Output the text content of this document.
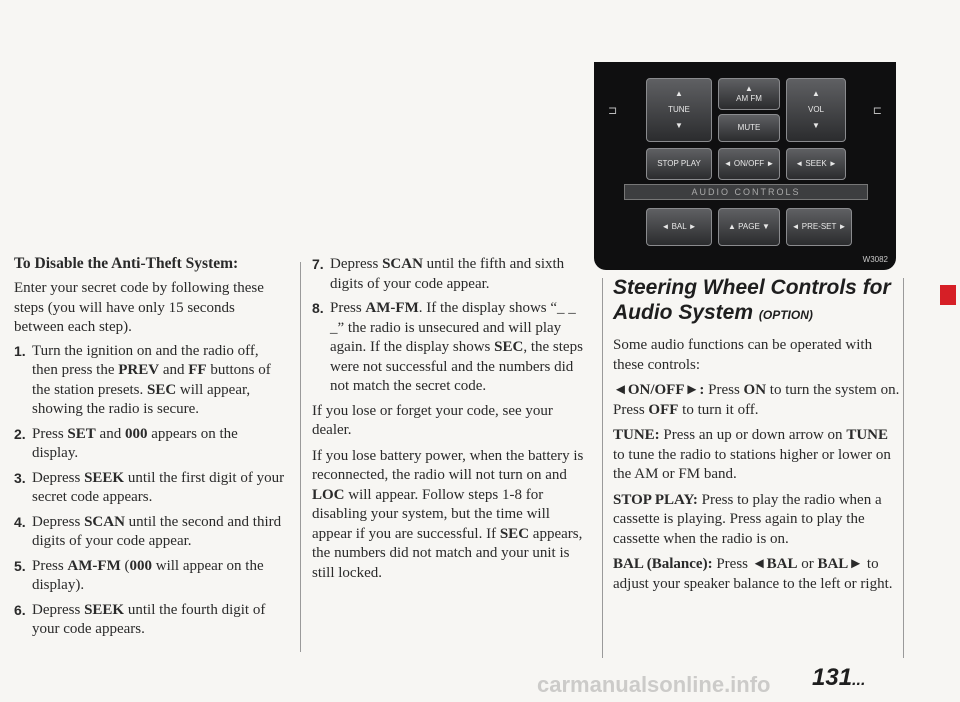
To Disable the Anti-Theft System:
Enter your secret code by following these steps (you will have only 15 seconds between each step).
1. Turn the ignition on and the radio off, then press the PREV and FF buttons of the station presets. SEC will appear, showing the radio is secure.
2. Press SET and 000 appears on the display.
3. Depress SEEK until the first digit of your secret code appears.
4. Depress SCAN until the second and third digits of your code appear.
5. Press AM-FM (000 will appear on the display).
6. Depress SEEK until the fourth digit of your code appears.
7. Depress SCAN until the fifth and sixth digits of your code appear.
8. Press AM-FM. If the display shows “_ _ _” the radio is unsecured and will play again. If the display shows SEC, the steps were not successful and the numbers did not match the secret code.
If you lose or forget your code, see your dealer.
If you lose battery power, when the battery is reconnected, the radio will not turn on and LOC will appear. Follow steps 1-8 for disabling your system, but the time will appear if you are successful. If SEC appears, the numbers did not match and your unit is still locked.
⊐	⊏
▲
TUNE
▼
▲
AM FM
MUTE
▲
VOL
▼
STOP PLAY	◄ ON/OFF ►	◄ SEEK ►
AUDIO CONTROLS
◄ BAL ►	▲ PAGE ▼	◄ PRE-SET ►
W3082
Steering Wheel Controls for Audio System (OPTION)
Some audio functions can be operated with these controls:
◄ON/OFF►: Press ON to turn the system on. Press OFF to turn it off.
TUNE: Press an up or down arrow on TUNE to tune the radio to stations higher or lower on the AM or FM band.
STOP PLAY: Press to play the radio when a cassette is playing. Press again to play the cassette when the radio is on.
BAL (Balance): Press ◄BAL or BAL► to adjust your speaker balance to the left or right.
131...
carmanualsonline.info
